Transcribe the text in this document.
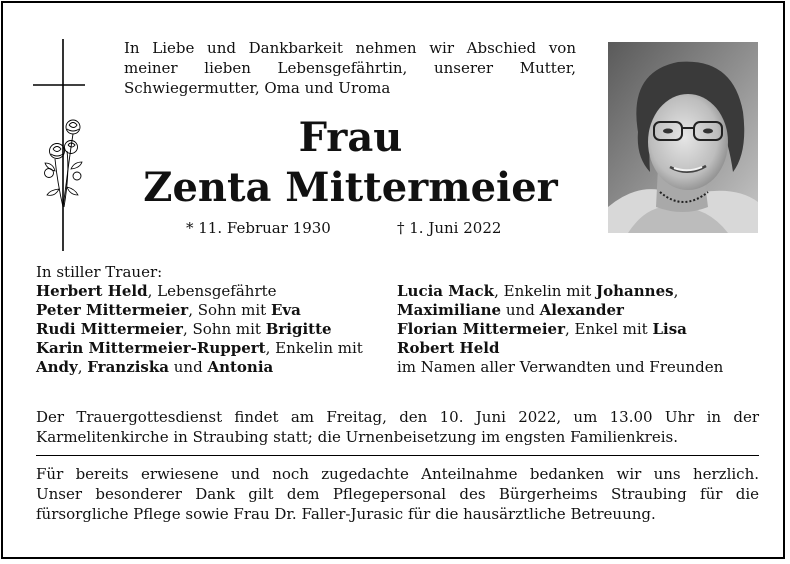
In Liebe und Dankbarkeit nehmen wir Abschied von
meiner lieben Lebensgefährtin, unserer Mutter,
Schwiegermutter, Oma und Uroma
Frau
Zenta Mittermeier
* 11. Februar 1930	† 1. Juni 2022
In stiller Trauer:
Herbert Held, Lebensgefährte
Peter Mittermeier, Sohn mit Eva
Rudi Mittermeier, Sohn mit Brigitte
Karin Mittermeier-Ruppert, Enkelin mit
Andy, Franziska und Antonia

Lucia Mack, Enkelin mit Johannes,
Maximiliane und Alexander
Florian Mittermeier, Enkel mit Lisa
Robert Held
im Namen aller Verwandten und Freunden
Der Trauergottesdienst findet am Freitag, den 10. Juni 2022, um 13.00 Uhr in der
Karmelitenkirche in Straubing statt; die Urnenbeisetzung im engsten Familienkreis.
Für bereits erwiesene und noch zugedachte Anteilnahme bedanken wir uns herzlich.
Unser besonderer Dank gilt dem Pflegepersonal des Bürgerheims Straubing für die
fürsorgliche Pflege sowie Frau Dr. Faller-Jurasic für die hausärztliche Betreuung.
